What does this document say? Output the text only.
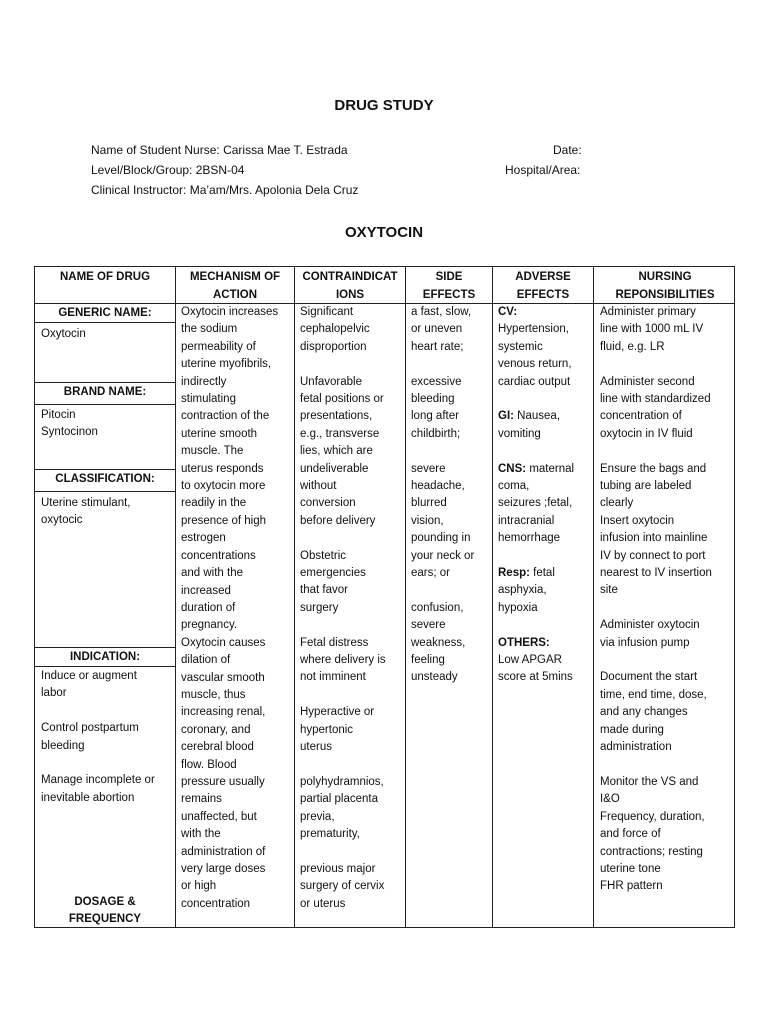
DRUG STUDY
Name of Student Nurse: Carissa Mae T. Estrada
Level/Block/Group: 2BSN-04
Clinical Instructor: Ma’am/Mrs. Apolonia Dela Cruz
Date:
Hospital/Area:
OXYTOCIN
NAME OF DRUG	MECHANISM OF
ACTION
CONTRAINDICAT
IONS
SIDE
EFFECTS
ADVERSE
EFFECTS
NURSING
REPONSIBILITIES
GENERIC NAME:
Oxytocin
BRAND NAME:
Pitocin
Syntocinon
CLASSIFICATION:
Uterine stimulant,
oxytocic
INDICATION:
Induce or augment
labor
Control postpartum
bleeding
Manage incomplete or
inevitable abortion
DOSAGE &
FREQUENCY
Oxytocin increases
the sodium
permeability of
uterine myofibrils,
indirectly
stimulating
contraction of the
uterine smooth
muscle. The
uterus responds
to oxytocin more
readily in the
presence of high
estrogen
concentrations
and with the
increased
duration of
pregnancy.
Oxytocin causes
dilation of
vascular smooth
muscle, thus
increasing renal,
coronary, and
cerebral blood
flow. Blood
pressure usually
remains
unaffected, but
with the
administration of
very large doses
or high
concentration
Significant
cephalopelvic
disproportion
Unfavorable
fetal positions or
presentations,
e.g., transverse
lies, which are
undeliverable
without
conversion
before delivery
Obstetric
emergencies
that favor
surgery
Fetal distress
where delivery is
not imminent
Hyperactive or
hypertonic
uterus
polyhydramnios,
partial placenta
previa,
prematurity,
previous major
surgery of cervix
or uterus
a fast, slow,
or uneven
heart rate;
excessive
bleeding
long after
childbirth;
severe
headache,
blurred
vision,
pounding in
your neck or
ears; or
confusion,
severe
weakness,
feeling
unsteady
CV:
Hypertension,
systemic
venous return,
cardiac output
GI: Nausea,
vomiting
CNS: maternal
coma,
seizures ;fetal,
intracranial
hemorrhage
Resp: fetal
asphyxia,
hypoxia
OTHERS:
Low APGAR
score at 5mins
Administer primary
line with 1000 mL IV
fluid, e.g. LR
Administer second
line with standardized
concentration of
oxytocin in IV fluid
Ensure the bags and
tubing are labeled
clearly
Insert oxytocin
infusion into mainline
IV by connect to port
nearest to IV insertion
site
Administer oxytocin
via infusion pump
Document the start
time, end time, dose,
and any changes
made during
administration
Monitor the VS and
I&O
Frequency, duration,
and force of
contractions; resting
uterine tone
FHR pattern
